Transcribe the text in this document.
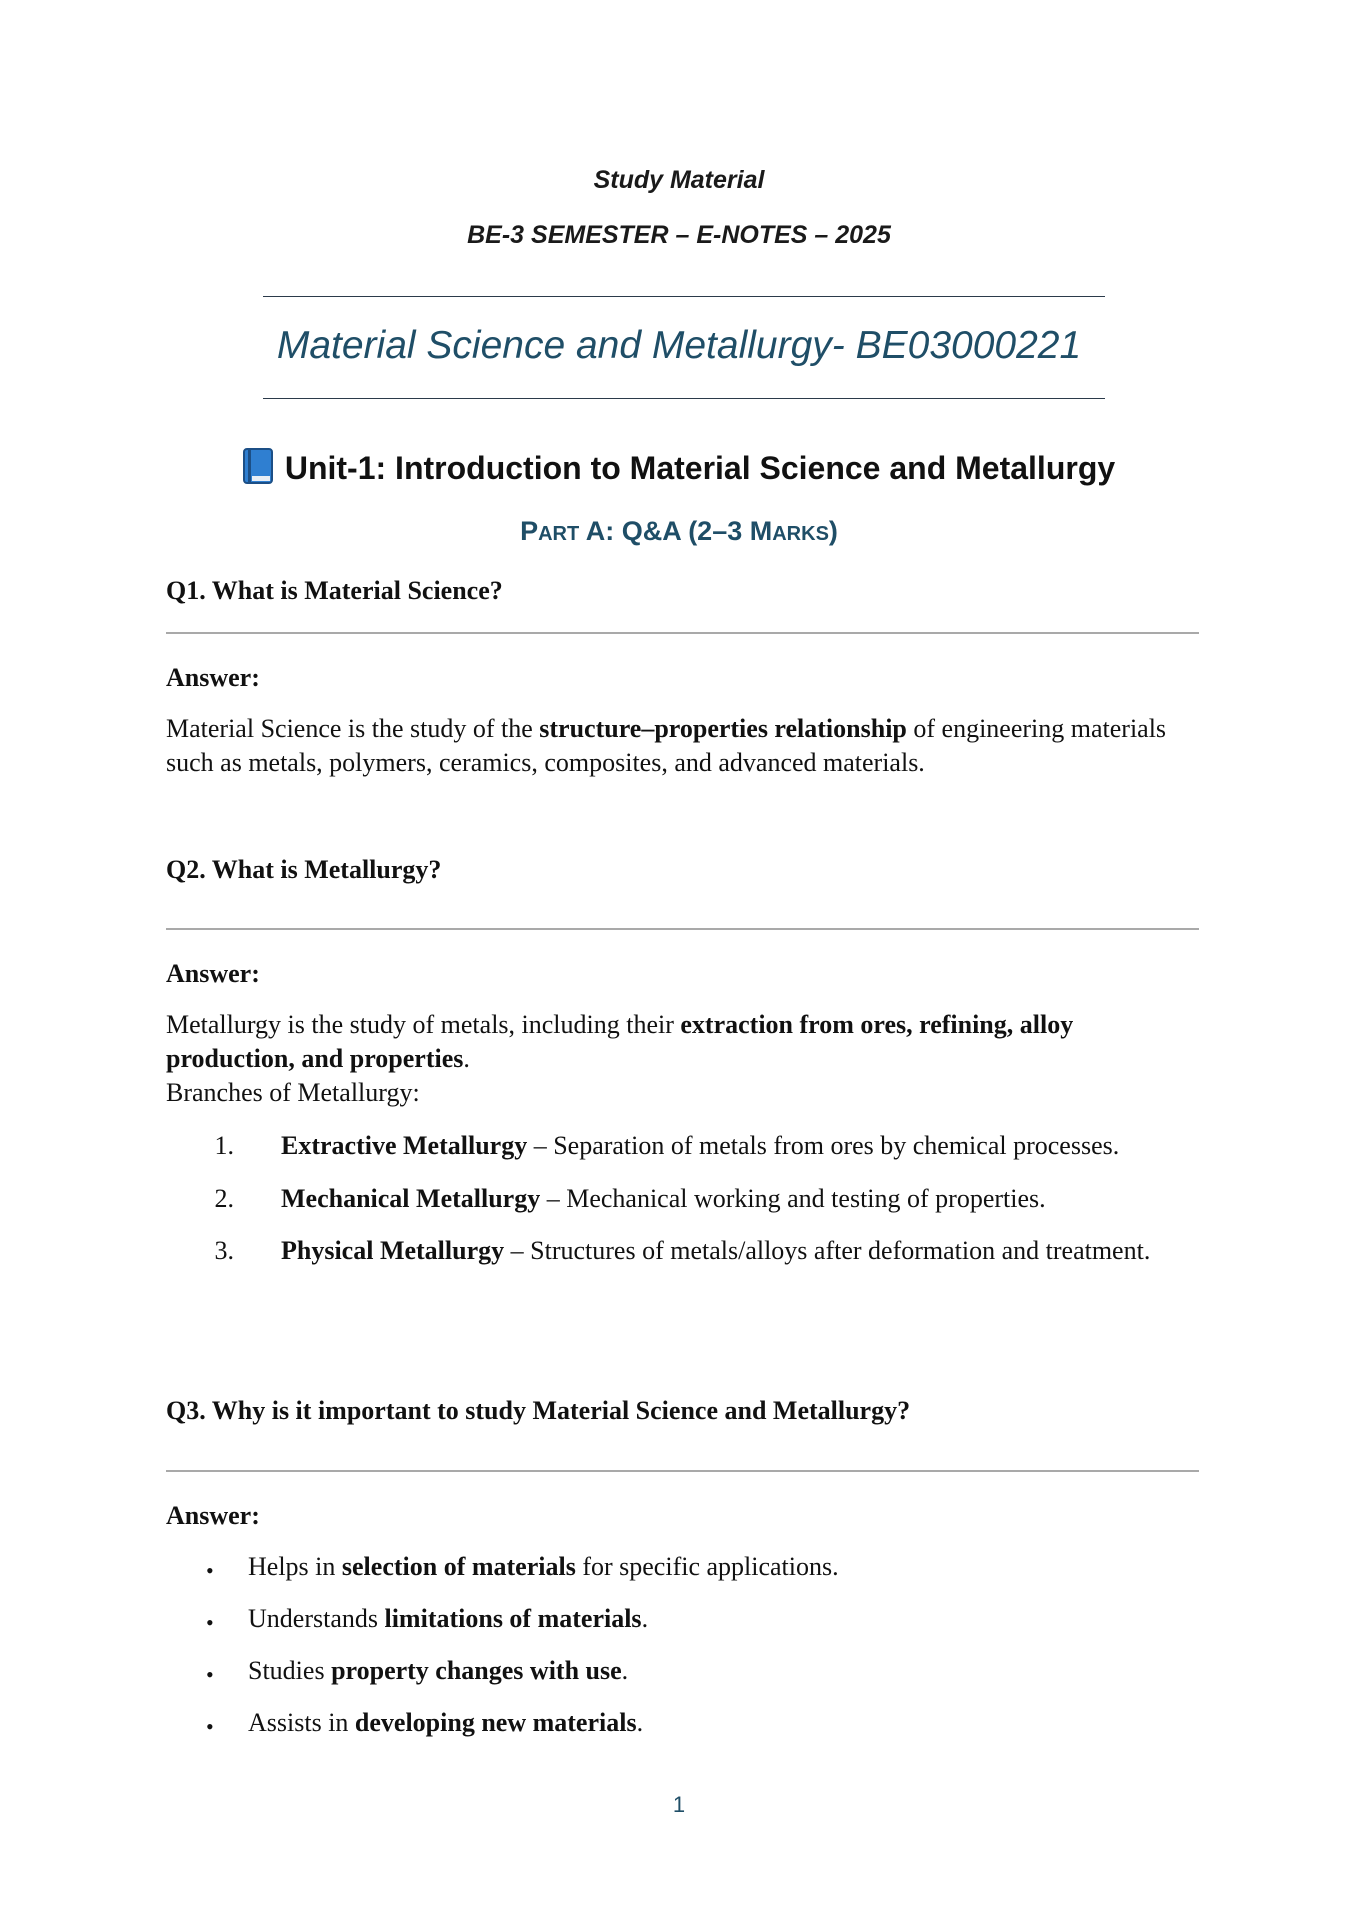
Study Material
BE-3 SEMESTER – E-NOTES – 2025
Material Science and Metallurgy- BE03000221
Unit-1: Introduction to Material Science and Metallurgy
PART A: Q&A (2–3 MARKS)
Q1. What is Material Science?
Answer:
Material Science is the study of the structure–properties relationship of engineering materials such as metals, polymers, ceramics, composites, and advanced materials.
Q2. What is Metallurgy?
Answer:
Metallurgy is the study of metals, including their extraction from ores, refining, alloy production, and properties.
Branches of Metallurgy:
1. Extractive Metallurgy – Separation of metals from ores by chemical processes.
2. Mechanical Metallurgy – Mechanical working and testing of properties.
3. Physical Metallurgy – Structures of metals/alloys after deformation and treatment.
Q3. Why is it important to study Material Science and Metallurgy?
Answer:
• Helps in selection of materials for specific applications.
• Understands limitations of materials.
• Studies property changes with use.
• Assists in developing new materials.
1
